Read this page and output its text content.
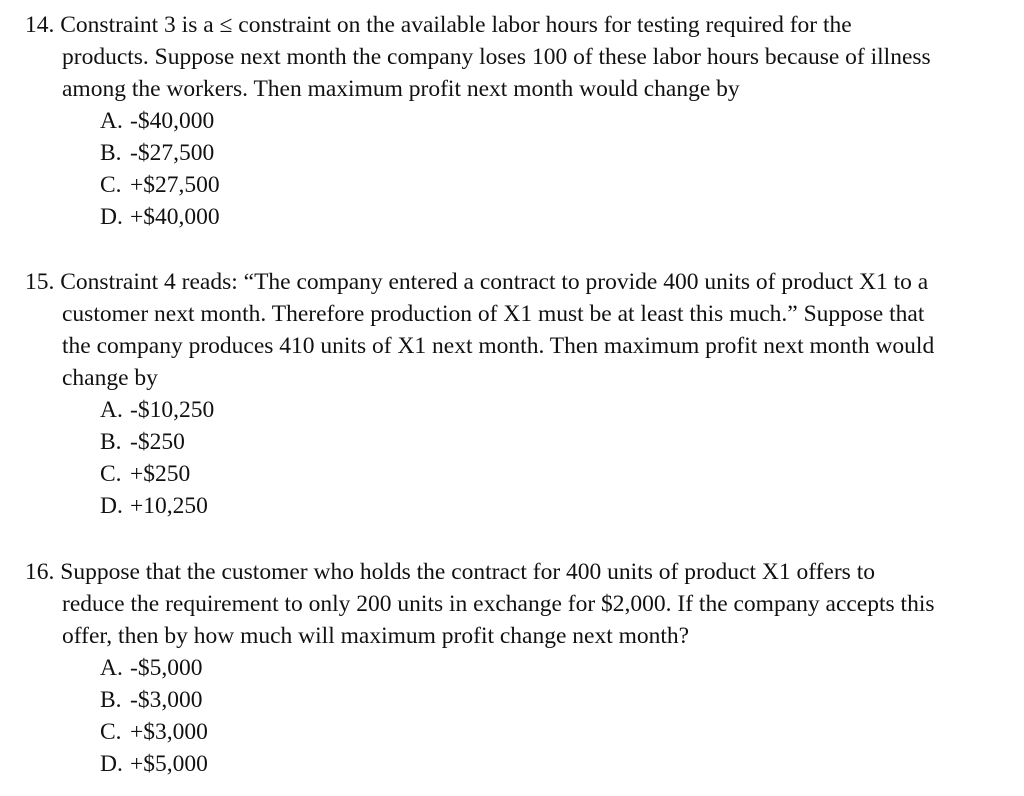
14. Constraint 3 is a ≤ constraint on the available labor hours for testing required for the
products. Suppose next month the company loses 100 of these labor hours because of illness
among the workers. Then maximum profit next month would change by
A. -$40,000
B. -$27,500
C. +$27,500
D. +$40,000
15. Constraint 4 reads: “The company entered a contract to provide 400 units of product X1 to a
customer next month. Therefore production of X1 must be at least this much.” Suppose that
the company produces 410 units of X1 next month. Then maximum profit next month would
change by
A. -$10,250
B. -$250
C. +$250
D. +10,250
16. Suppose that the customer who holds the contract for 400 units of product X1 offers to
reduce the requirement to only 200 units in exchange for $2,000. If the company accepts this
offer, then by how much will maximum profit change next month?
A. -$5,000
B. -$3,000
C. +$3,000
D. +$5,000
